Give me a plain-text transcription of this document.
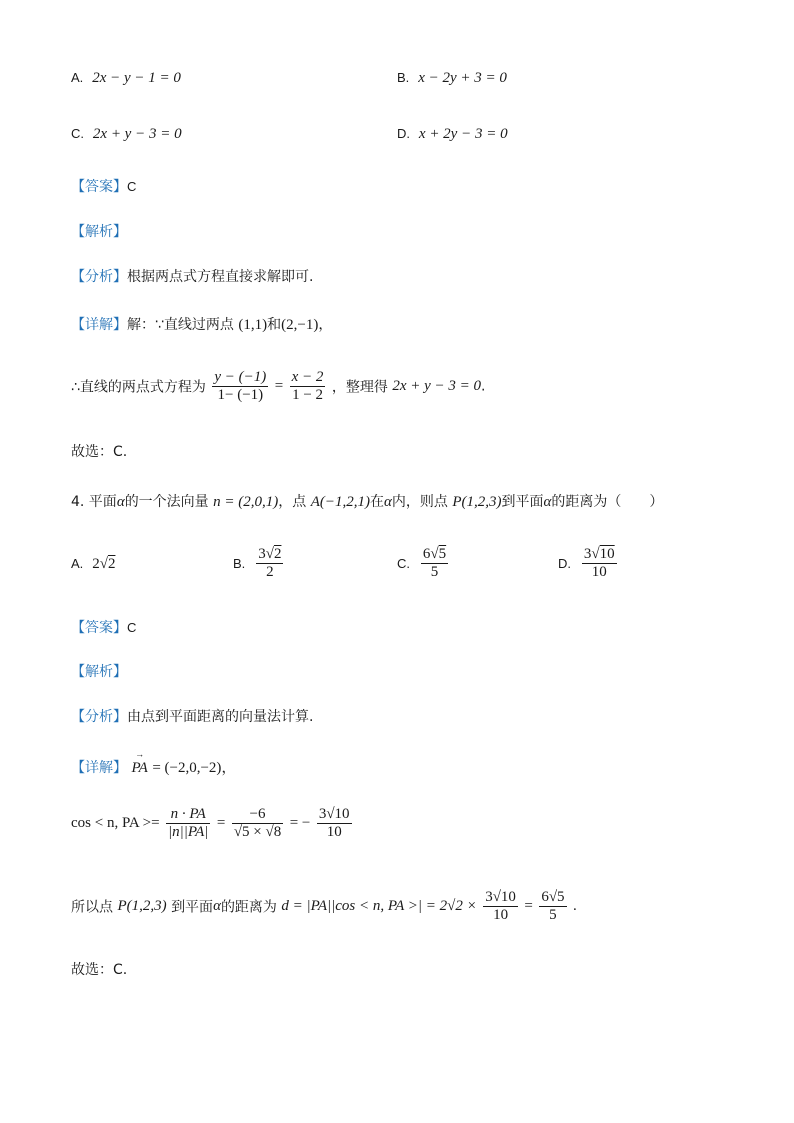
A. 2x − y − 1 = 0	B. x − 2y + 3 = 0
C. 2x + y − 3 = 0	D. x + 2y − 3 = 0
【答案】C
【解析】
【分析】根据两点式方程直接求解即可.
【详解】解：∵直线过两点 (1,1)和(2,−1)，
∴直线的两点式方程为 $\frac{y - (-1)}{1- (-1)} = \frac{x - 2}{1 - 2}$ ，整理得 2x + y − 3 = 0.
故选：C.
4. 平面α的一个法向量 n = (2,0,1)，点 A(−1,2,1)在α内，则点 P(1,2,3)到平面α的距离为（　　）
A. 2√2	B. $\frac{3√2}{2}$	C. $\frac{6√5}{5}$	D. $\frac{3√10}{10}$
【答案】C
【解析】
【分析】由点到平面距离的向量法计算.
【详解】 → PA = (−2,0,−2)，
cos < n, PA >= $\frac{n \cdot PA}{|n||PA|} = \frac{-6}{√5 \times √8}$ = − $\frac{3√10}{10}$
所以点 P(1,2,3) 到平面α的距离为 d = |PA||cos < n, PA >| = $2√2 \times \frac{3√10}{10} = \frac{6√5}{5}$ .
故选：C.
